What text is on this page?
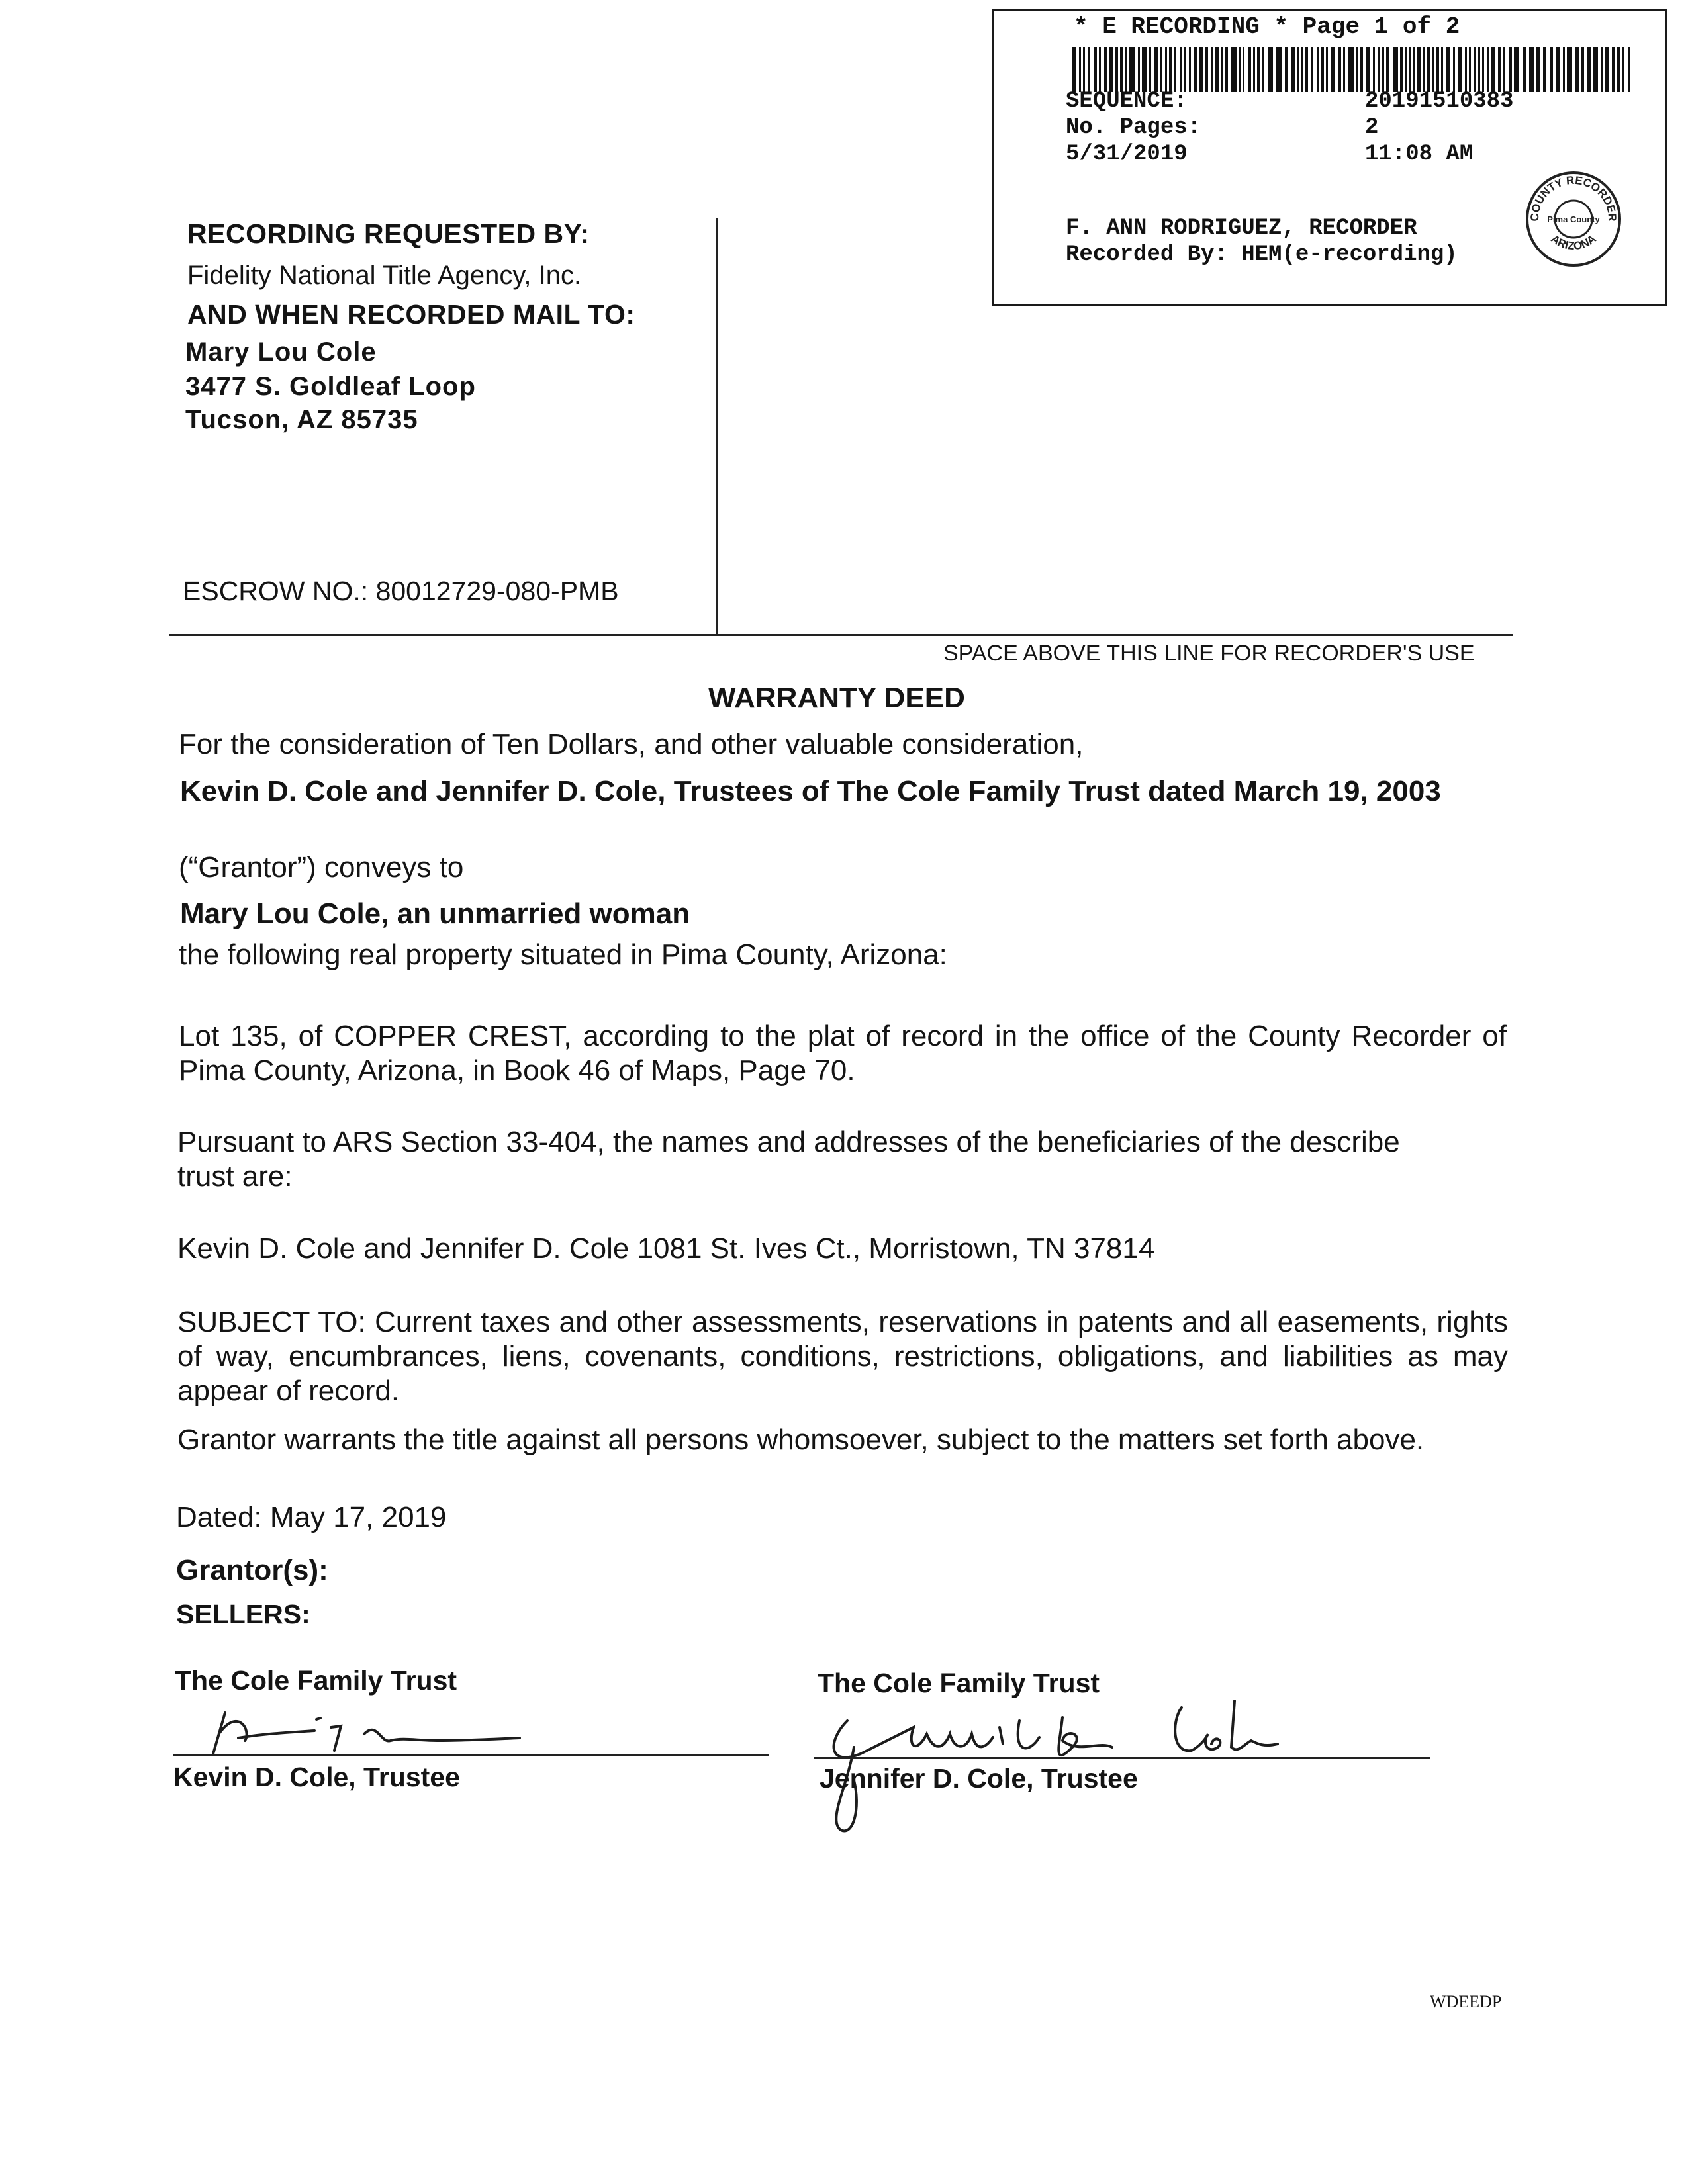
* E RECORDING * Page 1 of 2
SEQUENCE:	20191510383
No. Pages:	2
5/31/2019	11:08 AM
F. ANN RODRIGUEZ, RECORDER
Recorded By: HEM(e-recording)
COUNTY RECORDER
Pima County
ARIZONA
RECORDING REQUESTED BY:
Fidelity National Title Agency, Inc.
AND WHEN RECORDED MAIL TO:
Mary Lou Cole
3477 S. Goldleaf Loop
Tucson, AZ 85735
ESCROW NO.: 80012729-080-PMB
SPACE ABOVE THIS LINE FOR RECORDER'S USE
WARRANTY DEED
For the consideration of Ten Dollars, and other valuable consideration,
Kevin D. Cole and Jennifer D. Cole, Trustees of The Cole Family Trust dated March 19, 2003
(“Grantor”) conveys to
Mary Lou Cole, an unmarried woman
the following real property situated in Pima County, Arizona:
Lot 135, of COPPER CREST, according to the plat of record in the office of the County Recorder of Pima County, Arizona, in Book 46 of Maps, Page 70.
Pursuant to ARS Section 33-404, the names and addresses of the beneficiaries of the describe trust are:
Kevin D. Cole and Jennifer D. Cole 1081 St. Ives Ct., Morristown, TN 37814
SUBJECT TO: Current taxes and other assessments, reservations in patents and all easements, rights of way, encumbrances, liens, covenants, conditions, restrictions, obligations, and liabilities as may appear of record.
Grantor warrants the title against all persons whomsoever, subject to the matters set forth above.
Dated: May 17, 2019
Grantor(s):
SELLERS:
The Cole Family Trust
Kevin D. Cole, Trustee
The Cole Family Trust
Jennifer D. Cole, Trustee
WDEEDP
